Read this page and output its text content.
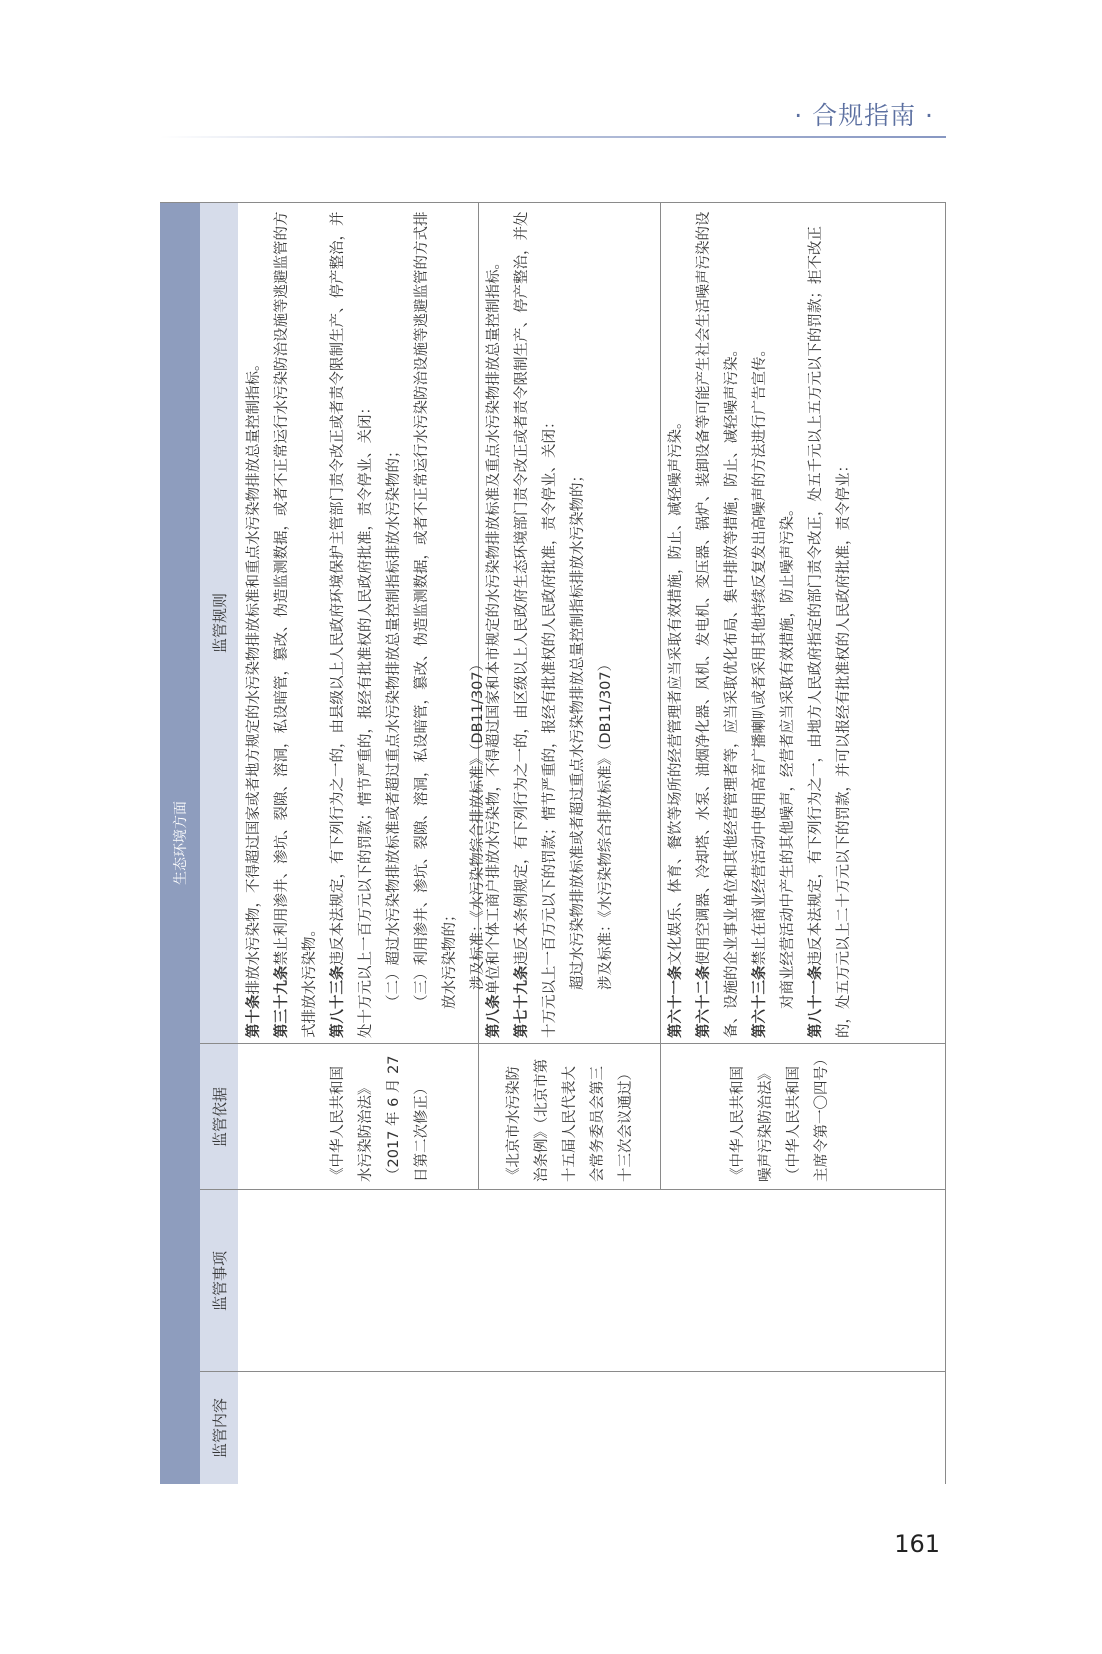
· 合规指南 ·
生态环境方面
监管内容
监管事项
监管依据
监管规则
《中华人民共和国水污染防治法》（2017 年 6 月 27 日第二次修正）

第十条排放水污染物，不得超过国家或者地方规定的水污染物排放标准和重点水污染物排放总量控制指标。

第三十九条禁止利用渗井、渗坑、裂隙、溶洞，私设暗管，篡改、伪造监测数据，或者不正常运行水污染防治设施等逃避监管的方式排放水污染物。 第八十三条违反本法规定，有下列行为之一的，由县级以上人民政府环境保护主管部门责令改正或者责令限制生产、停产整治，并处十万元以上一百万元以下的罚款；情节严重的，报经有批准权的人民政府批准，责令停业、关闭： （二）超过水污染物排放标准或者超过重点水污染物排放总量控制指标排放水污染物的； （三）利用渗井、渗坑、裂隙、溶洞，私设暗管，篡改、伪造监测数据，或者不正常运行水污染防治设施等逃避监管的方式排放水污染物的； 涉及标准：《水污染物综合排放标准》（DB11/307）

《北京市水污染防治条例》（北京市第十五届人民代表大会常务委员会第三十三次会议通过）

第八条单位和个体工商户排放水污染物，不得超过国家和本市规定的水污染物排放标准及重点水污染物排放总量控制指标。

第七十九条违反本条例规定，有下列行为之一的，由区级以上人民政府生态环境部门责令改正或者责令限制生产、停产整治，并处十万元以上一百万元以下的罚款；情节严重的，报经有批准权的人民政府批准，责令停业、关闭： 超过水污染物排放标准或者超过重点水污染物排放总量控制指标排放水污染物的； 涉及标准：《水污染物综合排放标准》（DB11/307）

《中华人民共和国噪声污染防治法》（中华人民共和国主席令第一〇四号）

第六十一条文化娱乐、体育、餐饮等场所的经营管理者应当采取有效措施，防止、减轻噪声污染。

第六十二条使用空调器、冷却塔、水泵、油烟净化器、风机、发电机、变压器、锅炉、装卸设备等可能产生社会生活噪声污染的设备、设施的企业事业单位和其他经营管理者等，应当采取优化布局、集中排放等措施，防止、减轻噪声污染。 第六十三条禁止在商业经营活动中使用高音广播喇叭或者采用其他持续反复发出高噪声的方法进行广告宣传。 对商业经营活动中产生的其他噪声，经营者应当采取有效措施，防止噪声污染。 第八十一条违反本法规定，有下列行为之一，由地方人民政府指定的部门责令改正，处五千元以上五万元以下的罚款；拒不改正的，处五万元以上二十万元以下的罚款，并可以报经有批准权的人民政府批准，责令停业：

161
